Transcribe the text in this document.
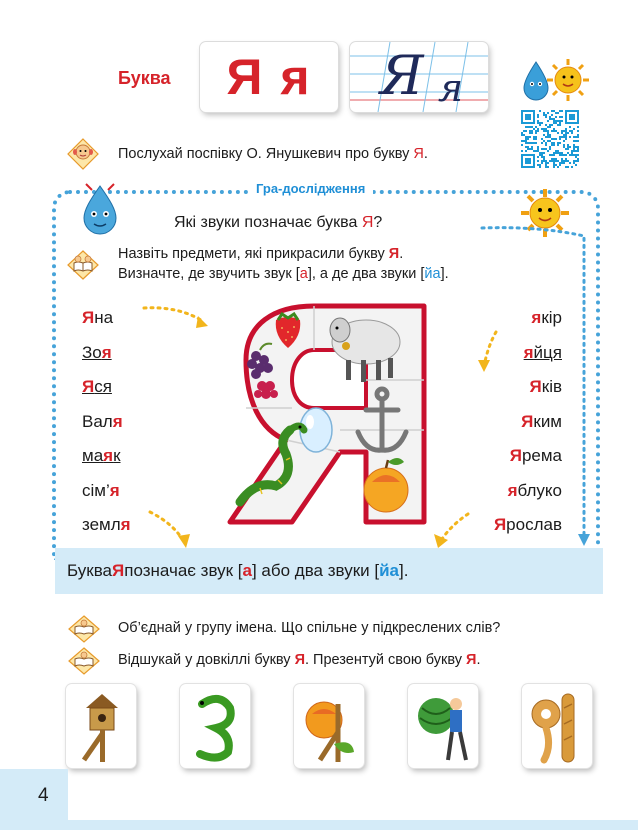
Буква Я я Я я
Послухай поспівку О. Янушкевич про букву Я.
Гра-дослідження
Які звуки позначає буква Я?
Назвіть предмети, які прикрасили букву Я.
Визначте, де звучить звук [а], а де два звуки [йа].
Яна
Зоя
Яся
Валя
маяк
сім’я
земля
якір
яйця
Яків
Яким
Ярема
яблуко
Ярослав
Буква Я позначає звук [ а ] або два звуки [ йа ].
Об’єднай у групу імена. Що спільне у підкреслених слів?
Відшукай у довкіллі букву Я. Презентуй свою букву Я.
4
